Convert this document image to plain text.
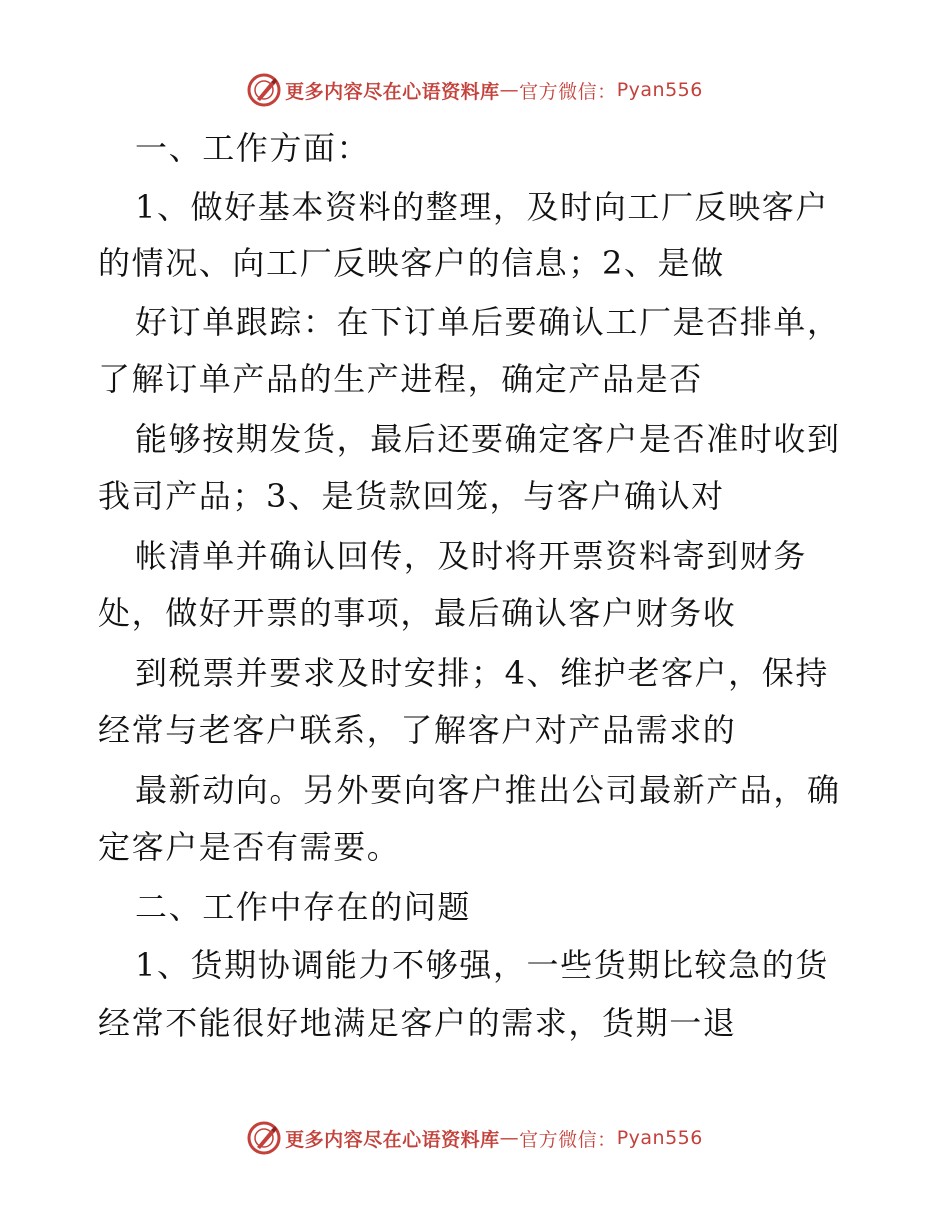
更多内容尽在心语资料库 — 官方微信： Pyan556
一、工作方面：
1、做好基本资料的整理，及时向工厂反映客户
的情况、向工厂反映客户的信息；2、是做
好订单跟踪：在下订单后要确认工厂是否排单，
了解订单产品的生产进程，确定产品是否
能够按期发货，最后还要确定客户是否准时收到
我司产品；3、是货款回笼，与客户确认对
帐清单并确认回传，及时将开票资料寄到财务
处，做好开票的事项，最后确认客户财务收
到税票并要求及时安排；4、维护老客户，保持
经常与老客户联系，了解客户对产品需求的
最新动向。另外要向客户推出公司最新产品，确
定客户是否有需要。
二、工作中存在的问题
1、货期协调能力不够强，一些货期比较急的货
经常不能很好地满足客户的需求，货期一退
更多内容尽在心语资料库 — 官方微信： Pyan556
